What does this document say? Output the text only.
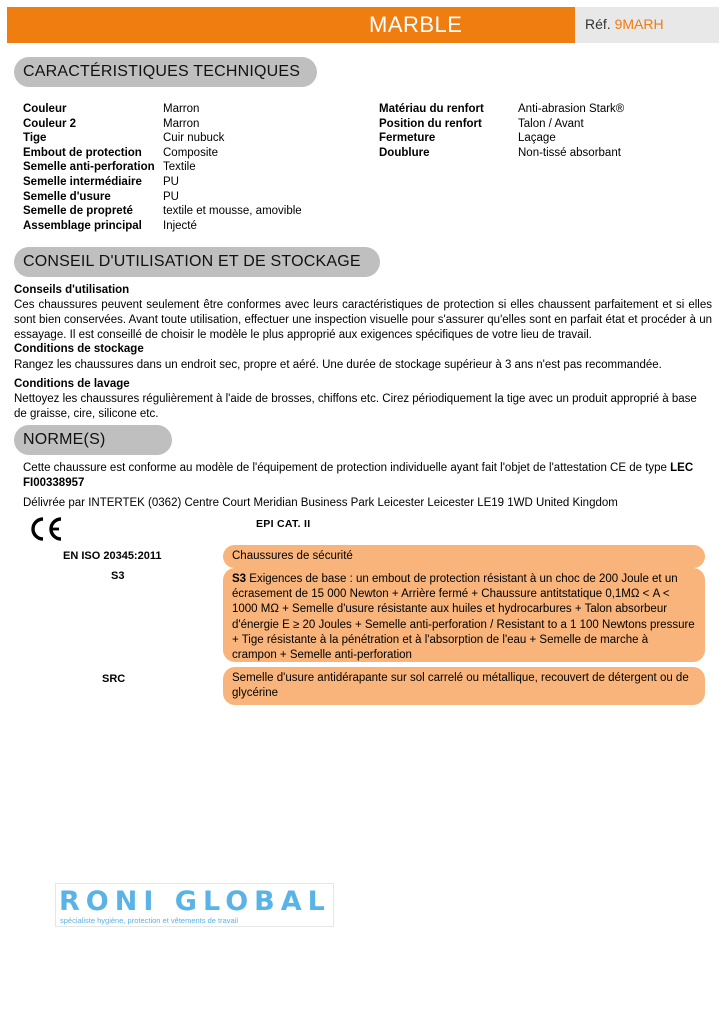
MARBLE	Réf. 9MARH
CARACTÉRISTIQUES TECHNIQUES
Couleur	Marron
Couleur 2	Marron
Tige	Cuir nubuck
Embout de protection	Composite
Semelle anti-perforation Textile
Semelle intermédiaire	PU
Semelle d'usure	PU
Semelle de propreté	textile et mousse, amovible
Assemblage principal	Injecté
Matériau du renfort	Anti-abrasion Stark®
Position du renfort	Talon / Avant
Fermeture	Laçage
Doublure	Non-tissé absorbant
CONSEIL D'UTILISATION ET DE STOCKAGE
Conseils d'utilisation
Ces chaussures peuvent seulement être conformes avec leurs caractéristiques de protection si elles chaussent parfaitement et si elles sont bien conservées. Avant toute utilisation, effectuer une inspection visuelle pour s'assurer qu'elles sont en parfait état et procéder à un essayage. Il est conseillé de choisir le modèle le plus approprié aux exigences spécifiques de votre lieu de travail.
Conditions de stockage
Rangez les chaussures dans un endroit sec, propre et aéré. Une durée de stockage supérieur à 3 ans n'est pas recommandée.
Conditions de lavage
Nettoyez les chaussures régulièrement à l'aide de brosses, chiffons etc. Cirez périodiquement la tige avec un produit approprié à base
de graisse, cire, silicone etc.
NORME(S)
Cette chaussure est conforme au modèle de l'équipement de protection individuelle ayant fait l'objet de l'attestation CE de type LEC FI00338957
Délivrée par INTERTEK (0362) Centre Court Meridian Business Park Leicester Leicester LE19 1WD United Kingdom
EPI CAT. II
EN ISO 20345:2011	Chaussures de sécurité
S3	S3 Exigences de base : un embout de protection résistant à un choc de 200 Joule et un écrasement de 15 000 Newton + Arrière fermé + Chaussure antitstatique 0,1MΩ < A < 1000 MΩ + Semelle d'usure résistante aux huiles et hydrocarbures + Talon absorbeur d'énergie E ≥ 20 Joules + Semelle anti-perforation / Resistant to a 1 100 Newtons pressure + Tige résistante à la pénétration et à l'absorption de l'eau + Semelle de marche à crampon + Semelle anti-perforation
SRC	Semelle d'usure antidérapante sur sol carrelé ou métallique, recouvert de détergent ou de glycérine
RONI GLOBAL
spécialiste hygiène, protection et vêtements de travail
